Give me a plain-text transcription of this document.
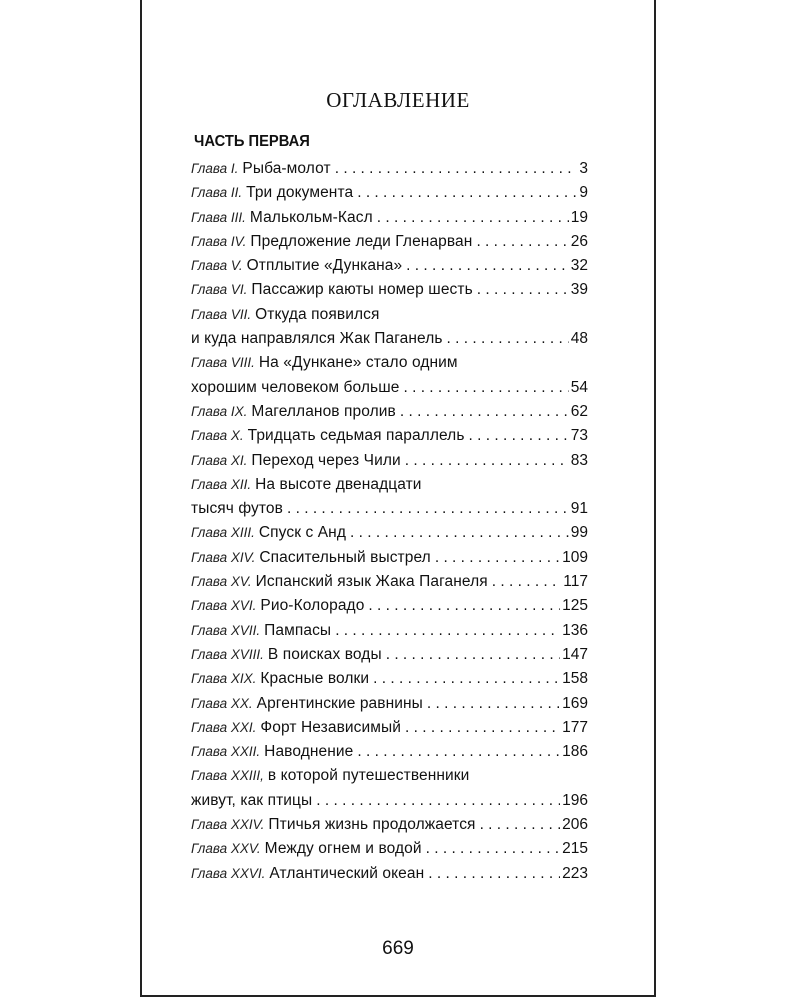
ОГЛАВЛЕНИЕ
ЧАСТЬ ПЕРВАЯ
Глава I. Рыба-молот . . .	3
Глава II. Три документа . . .	9
Глава III. Малькольм-Касл . . .	19
Глава IV. Предложение леди Гленарван . . .	26
Глава V. Отплытие «Дункана» . . .	32
Глава VI. Пассажир каюты номер шесть . . .	39
Глава VII. Откуда появился
и куда направлялся Жак Паганель . . .	48
Глава VIII. На «Дункане» стало одним
хорошим человеком больше . . .	54
Глава IX. Магелланов пролив . . .	62
Глава X. Тридцать седьмая параллель . . .	73
Глава XI. Переход через Чили . . .	83
Глава XII. На высоте двенадцати
тысяч футов . . .	91
Глава XIII. Спуск с Анд . . .	99
Глава XIV. Спасительный выстрел . . .	109
Глава XV. Испанский язык Жака Паганеля . . .	117
Глава XVI. Рио-Колорадо . . .	125
Глава XVII. Пампасы . . .	136
Глава XVIII. В поисках воды . . .	147
Глава XIX. Красные волки . . .	158
Глава XX. Аргентинские равнины . . .	169
Глава XXI. Форт Независимый . . .	177
Глава XXII. Наводнение . . .	186
Глава XXIII, в которой путешественники
живут, как птицы . . .	196
Глава XXIV. Птичья жизнь продолжается . . .	206
Глава XXV. Между огнем и водой . . .	215
Глава XXVI. Атлантический океан . . .	223
669
